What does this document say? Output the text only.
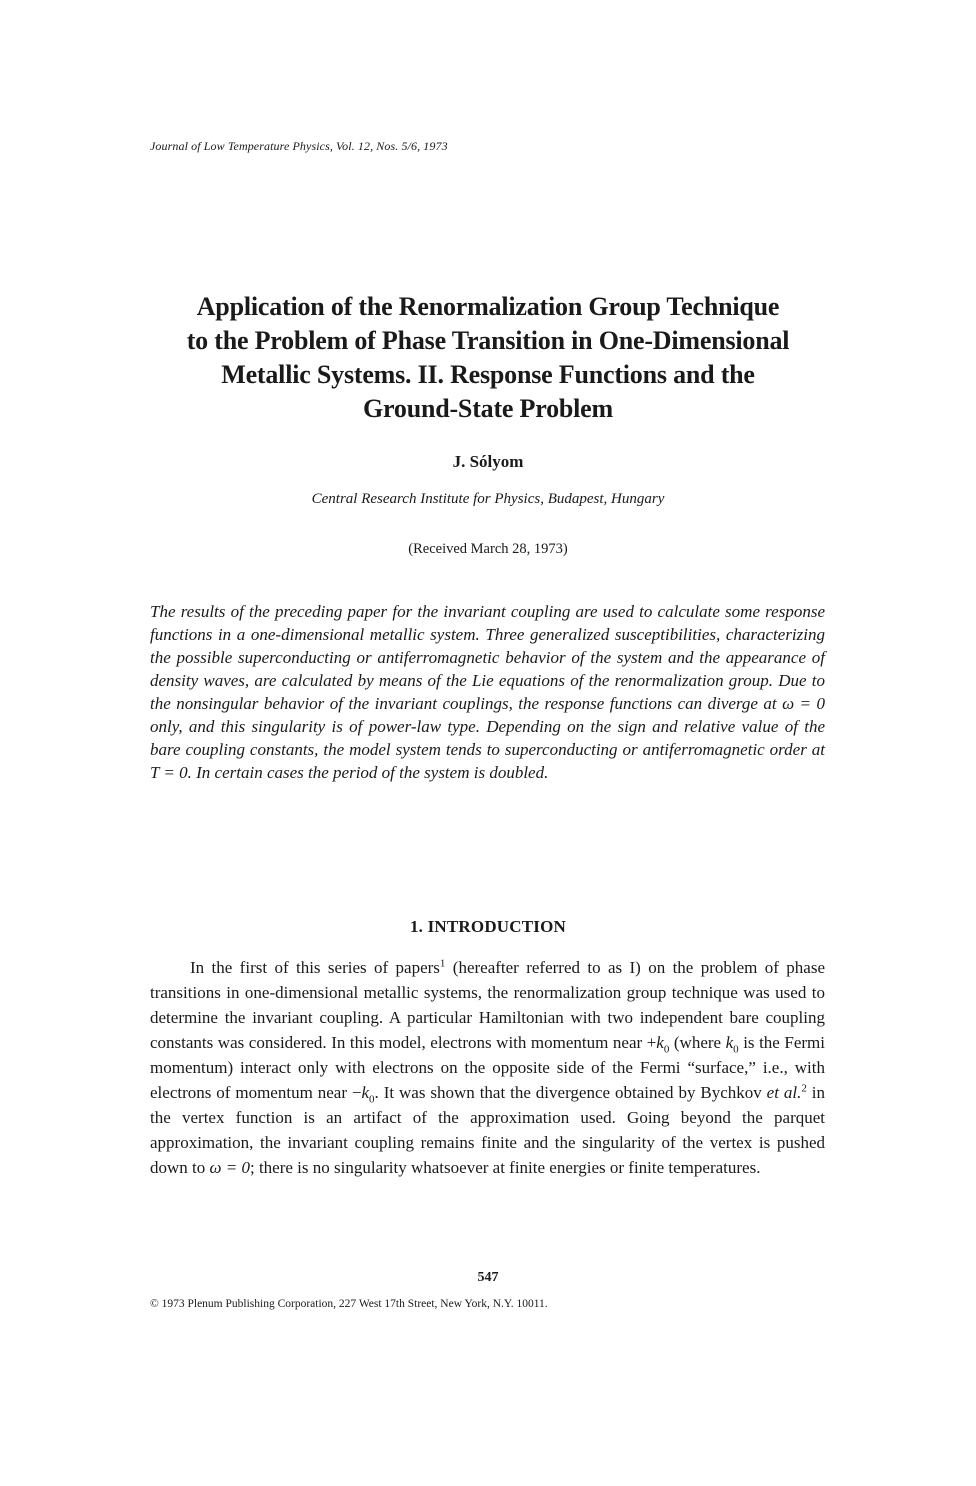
Journal of Low Temperature Physics, Vol. 12, Nos. 5/6, 1973
Application of the Renormalization Group Technique
to the Problem of Phase Transition in One-Dimensional
Metallic Systems. II. Response Functions and the
Ground-State Problem
J. Sólyom
Central Research Institute for Physics, Budapest, Hungary
(Received March 28, 1973)

The results of the preceding paper for the invariant coupling are used to calculate some response functions in a one-dimensional metallic system. Three generalized susceptibilities, characterizing the possible superconducting or antiferromagnetic behavior of the system and the appearance of density waves, are calculated by means of the Lie equations of the renormalization group. Due to the nonsingular behavior of the invariant couplings, the response functions can diverge at ω = 0 only, and this singularity is of power-law type. Depending on the sign and relative value of the bare coupling constants, the model system tends to superconducting or antiferromagnetic order at T = 0. In certain cases the period of the system is doubled.

1. INTRODUCTION

In the first of this series of papers$^1$ (hereafter referred to as I) on the problem of phase transitions in one-dimensional metallic systems, the renormalization group technique was used to determine the invariant coupling. A particular Hamiltonian with two independent bare coupling constants was considered. In this model, electrons with momentum near $+k_0$ (where $k_0$ is the Fermi momentum) interact only with electrons on the opposite side of the Fermi “surface,” i.e., with electrons of momentum near $-k_0$. It was shown that the divergence obtained by Bychkov et al.$^2$ in the vertex function is an artifact of the approximation used. Going beyond the parquet approximation, the invariant coupling remains finite and the singularity of the vertex is pushed down to ω = 0; there is no singularity whatsoever at finite energies or finite temperatures.

547
© 1973 Plenum Publishing Corporation, 227 West 17th Street, New York, N.Y. 10011.
